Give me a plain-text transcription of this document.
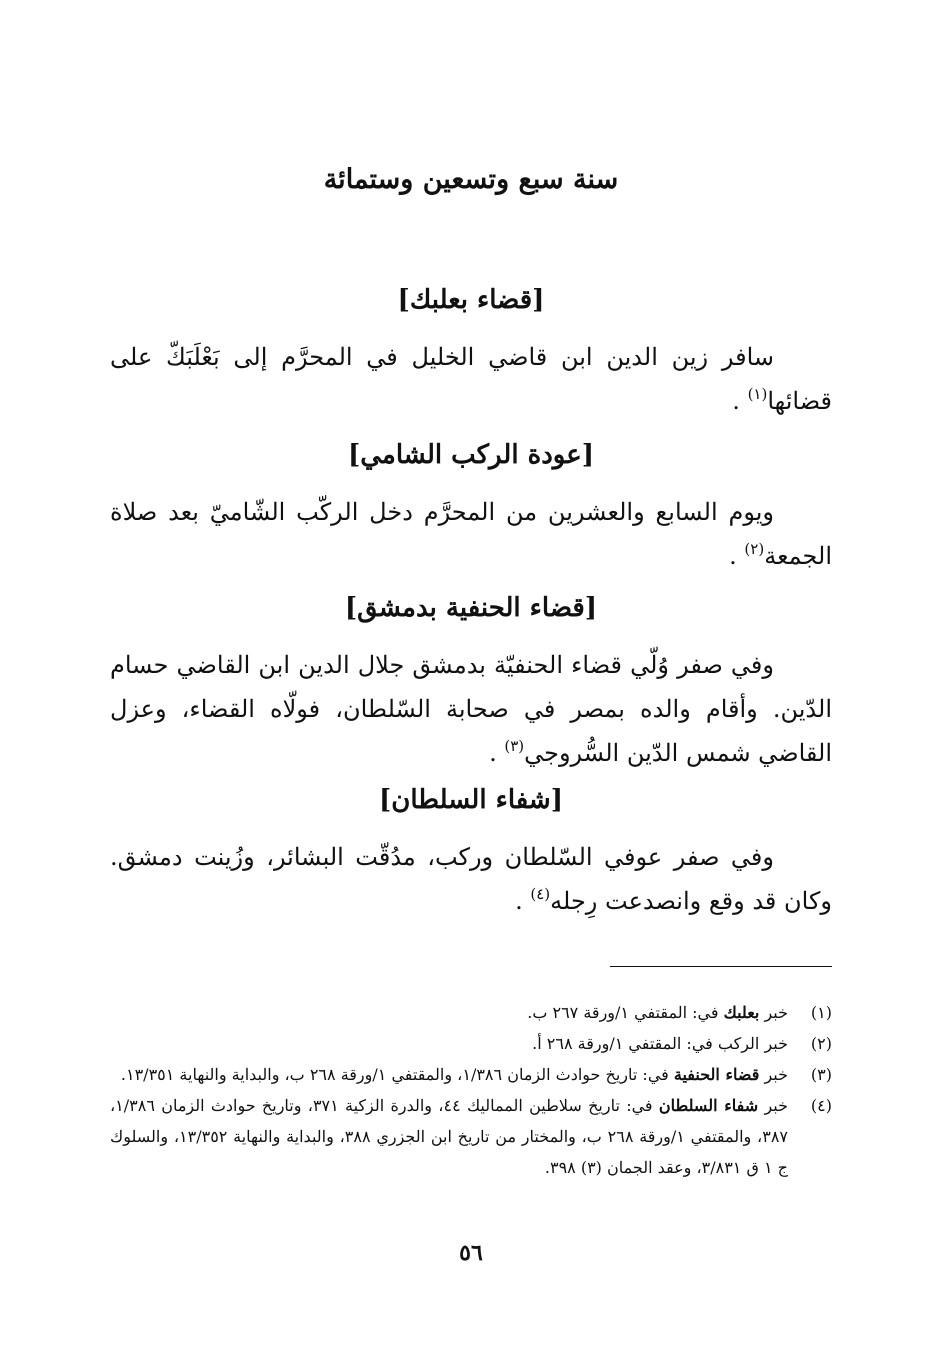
سنة سبع وتسعين وستمائة
[قضاء بعلبك]
سافر زين الدين ابن قاضي الخليل في المحرَّم إلى بَعْلَبَكّ على قضائها$^{(١)}$ .
[عودة الركب الشامي]
ويوم السابع والعشرين من المحرَّم دخل الركّب الشّاميّ بعد صلاة الجمعة$^{(٢)}$ .
[قضاء الحنفية بدمشق]
وفي صفر وُلّي قضاء الحنفيّة بدمشق جلال الدين ابن القاضي حسام الدّين. وأقام والده بمصر في صحابة السّلطان، فولّاه القضاء، وعزل القاضي شمس الدّين السُّروجي$^{(٣)}$ .
[شفاء السلطان]
وفي صفر عوفي السّلطان وركب، مدُقّت البشائر، وزُينت دمشق. وكان قد وقع وانصدعت رِجله$^{(٤)}$ .
(١)
خبر بعلبك في: المقتفي ١/ورقة ٢٦٧ ب.
(٢)
خبر الركب في: المقتفي ١/ورقة ٢٦٨ أ.
(٣)
خبر قضاء الحنفية في: تاريخ حوادث الزمان ١/٣٨٦، والمقتفي ١/ورقة ٢٦٨ ب، والبداية والنهاية ١٣/٣٥١.
(٤)
خبر شفاء السلطان في: تاريخ سلاطين المماليك ٤٤، والدرة الزكية ٣٧١، وتاريخ حوادث الزمان ١/٣٨٦، ٣٨٧، والمقتفي ١/ورقة ٢٦٨ ب، والمختار من تاريخ ابن الجزري ٣٨٨، والبداية والنهاية ١٣/٣٥٢، والسلوك ج ١ ق ٣/٨٣١، وعقد الجمان (٣) ٣٩٨.
٥٦
